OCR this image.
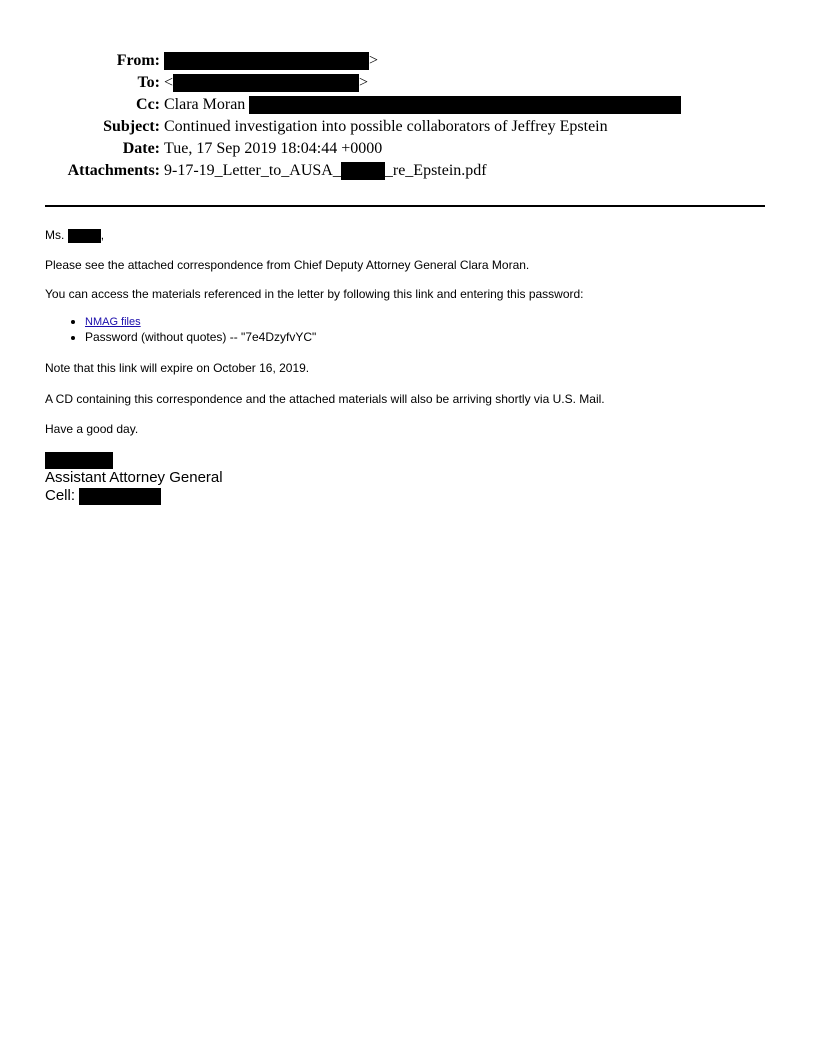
From:	>
To: <	>
Cc: Clara Moran
Subject: Continued investigation into possible collaborators of Jeffrey Epstein
Date: Tue, 17 Sep 2019 18:04:44 +0000
Attachments: 9-17-19_Letter_to_AUSA_	_re_Epstein.pdf

Ms.	,

Please see the attached correspondence from Chief Deputy Attorney General Clara Moran.

You can access the materials referenced in the letter by following this link and entering this password:

• NMAG files
• Password (without quotes) -- "7e4DzyfvYC"

Note that this link will expire on October 16, 2019.

A CD containing this correspondence and the attached materials will also be arriving shortly via U.S. Mail.

Have a good day.

Assistant Attorney General
Cell:
